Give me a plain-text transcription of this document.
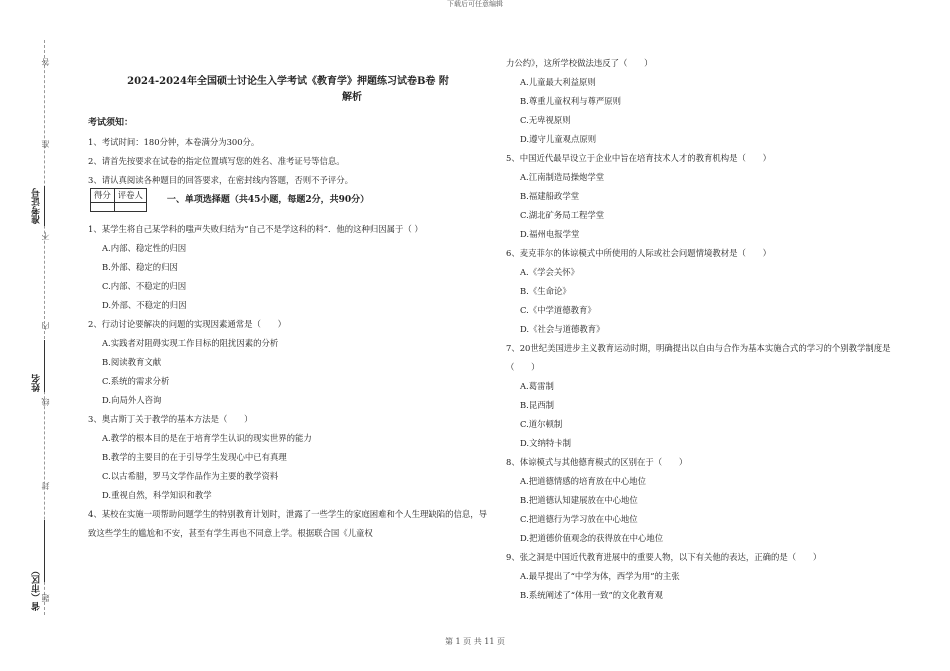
下载后可任意编辑
答
准
准考证号
不
内
姓名
线
封
省（市区） 题
2024-2024年全国硕士讨论生入学考试《教育学》押题练习试卷B卷 附
解析
考试须知：
1、考试时间：180分钟，本卷满分为300分。
2、请首先按要求在试卷的指定位置填写您的姓名、准考证号等信息。
3、请认真阅读各种题目的回答要求，在密封线内答题，否则不予评分。
得分	评卷人
		一、单项选择题（共45小题，每题2分，共90分）
1、某学生将自己某学科的嗤声失败归结为“自己不是学这科的料”．他的这种归因属于（ ）
A.内部、稳定性的归因
B.外部、稳定的归因
C.内部、不稳定的归因
D.外部、不稳定的归因
2、行动讨论要解决的问题的实现因素通常是（　　）
A.实践者对阻碍实现工作目标的阻扰因素的分析
B.阅读教育文献
C.系统的需求分析
D.向局外人咨询
3、奥古斯丁关于教学的基本方法是（　　）
A.教学的根本目的是在于培育学生认识的现实世界的能力
B.教学的主要目的在于引导学生发现心中已有真理
C.以古希腊，罗马文学作品作为主要的教学资料
D.重视自然，科学知识和教学
4、某校在实施一项帮助问题学生的特别教育计划时，泄露了一些学生的家庭困难和个人生理缺陷的信息，导致这些学生的尴尬和不安，甚至有学生再也不同意上学。根据联合国《儿童权
力公约》，这所学校做法违反了（　　）
A.儿童最大利益原则
B.尊重儿童权利与尊严原则
C.无卑视原则
D.遵守儿童观点原则
5、中国近代最早设立于企业中旨在培育技术人才的教育机构是（　　）
A.江南制造局操炮学堂
B.福建船政学堂
C.湖北矿务局工程学堂
D.福州电报学堂
6、麦克菲尔的体谅模式中所使用的人际或社会问题情境教材是（　　）
A.《学会关怀》
B.《生命论》
C.《中学道德教育》
D.《社会与道德教育》
7、20世纪美国进步主义教育运动时期，明确提出以自由与合作为基本实施合式的学习的个别教学制度是（　　）
A.葛雷制
B.昆西制
C.道尔顿制
D.文纳特卡制
8、体谅模式与其他德育模式的区别在于（　　）
A.把道德情感的培育放在中心地位
B.把道德认知建展放在中心地位
C.把道德行为学习放在中心地位
D.把道德价值观念的获得放在中心地位
9、张之洞是中国近代教育进展中的重要人物，以下有关他的表达，正确的是（　　）
A.最早提出了“中学为体，西学为用”的主张
B.系统阐述了“体用一致”的文化教育观
第 1 页 共 11 页
